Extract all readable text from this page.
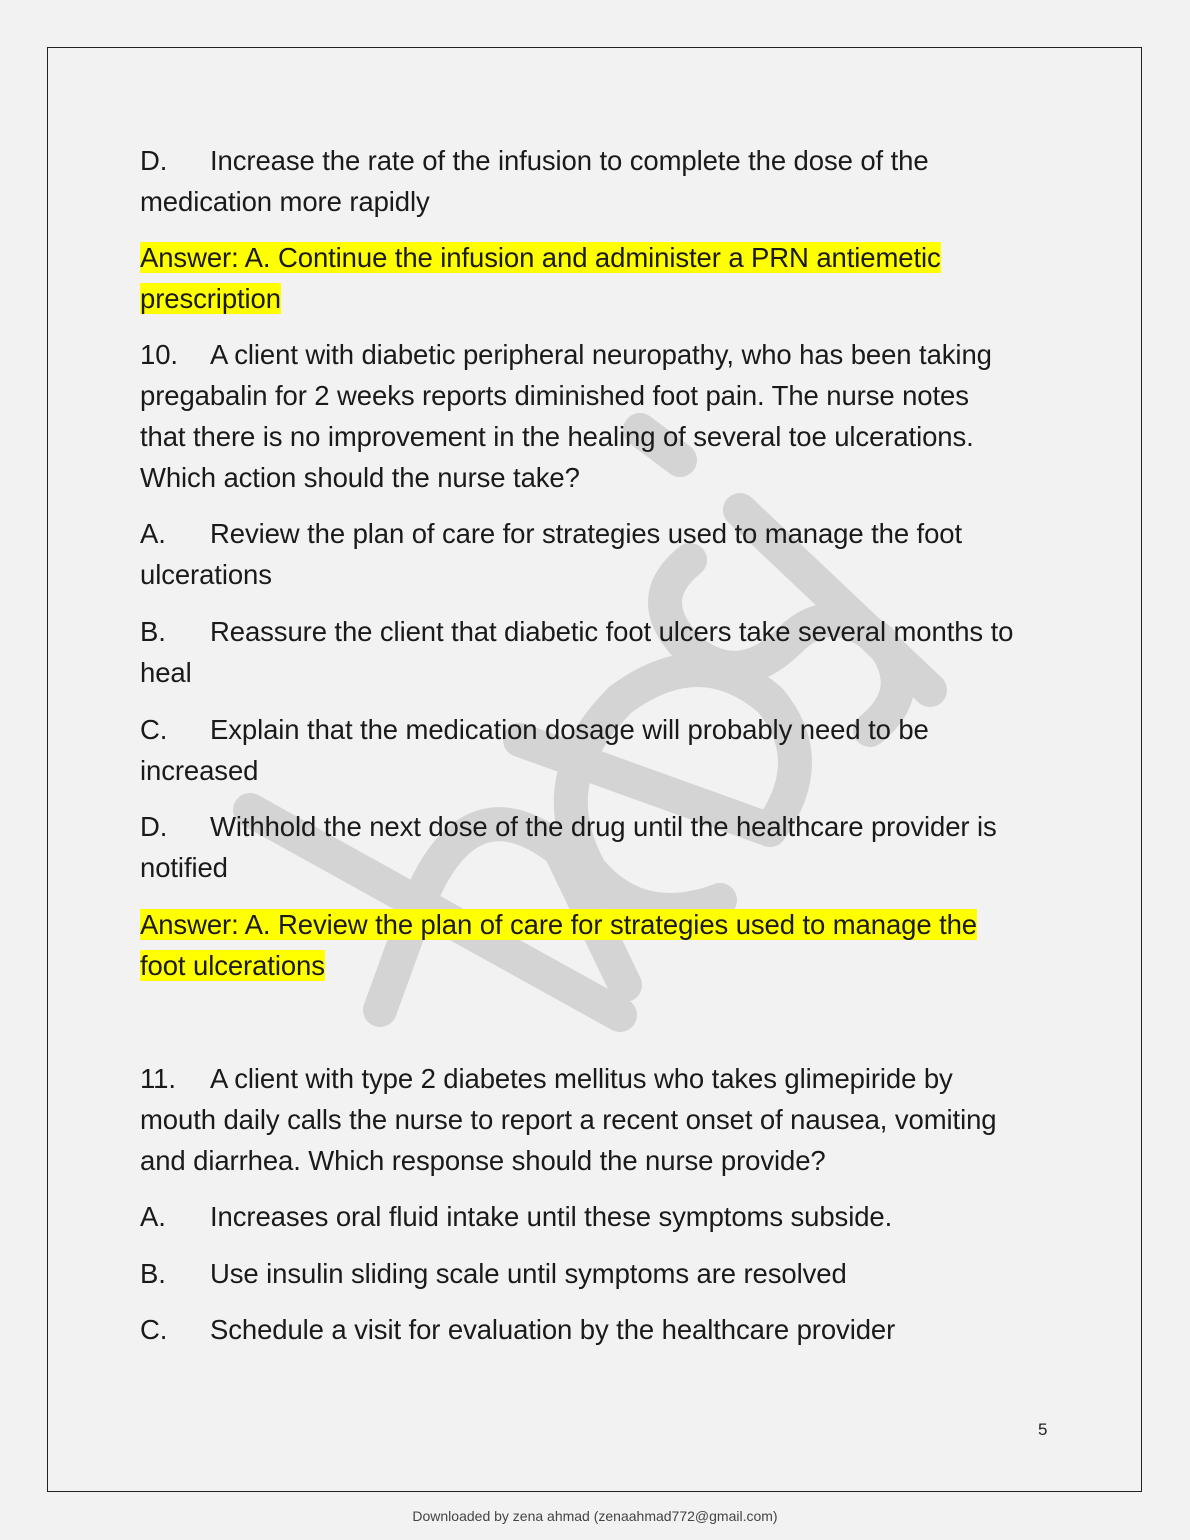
D. Increase the rate of the infusion to complete the dose of the
medication more rapidly

Answer: A. Continue the infusion and administer a PRN antiemetic
prescription

10. A client with diabetic peripheral neuropathy, who has been taking
pregabalin for 2 weeks reports diminished foot pain. The nurse notes
that there is no improvement in the healing of several toe ulcerations.
Which action should the nurse take?

A. Review the plan of care for strategies used to manage the foot
ulcerations

B. Reassure the client that diabetic foot ulcers take several months to
heal

C. Explain that the medication dosage will probably need to be
increased

D. Withhold the next dose of the drug until the healthcare provider is
notified

Answer: A. Review the plan of care for strategies used to manage the
foot ulcerations

11. A client with type 2 diabetes mellitus who takes glimepiride by
mouth daily calls the nurse to report a recent onset of nausea, vomiting
and diarrhea. Which response should the nurse provide?

A. Increases oral fluid intake until these symptoms subside.

B. Use insulin sliding scale until symptoms are resolved

C. Schedule a visit for evaluation by the healthcare provider

5
Downloaded by zena ahmad (zenaahmad772@gmail.com)
